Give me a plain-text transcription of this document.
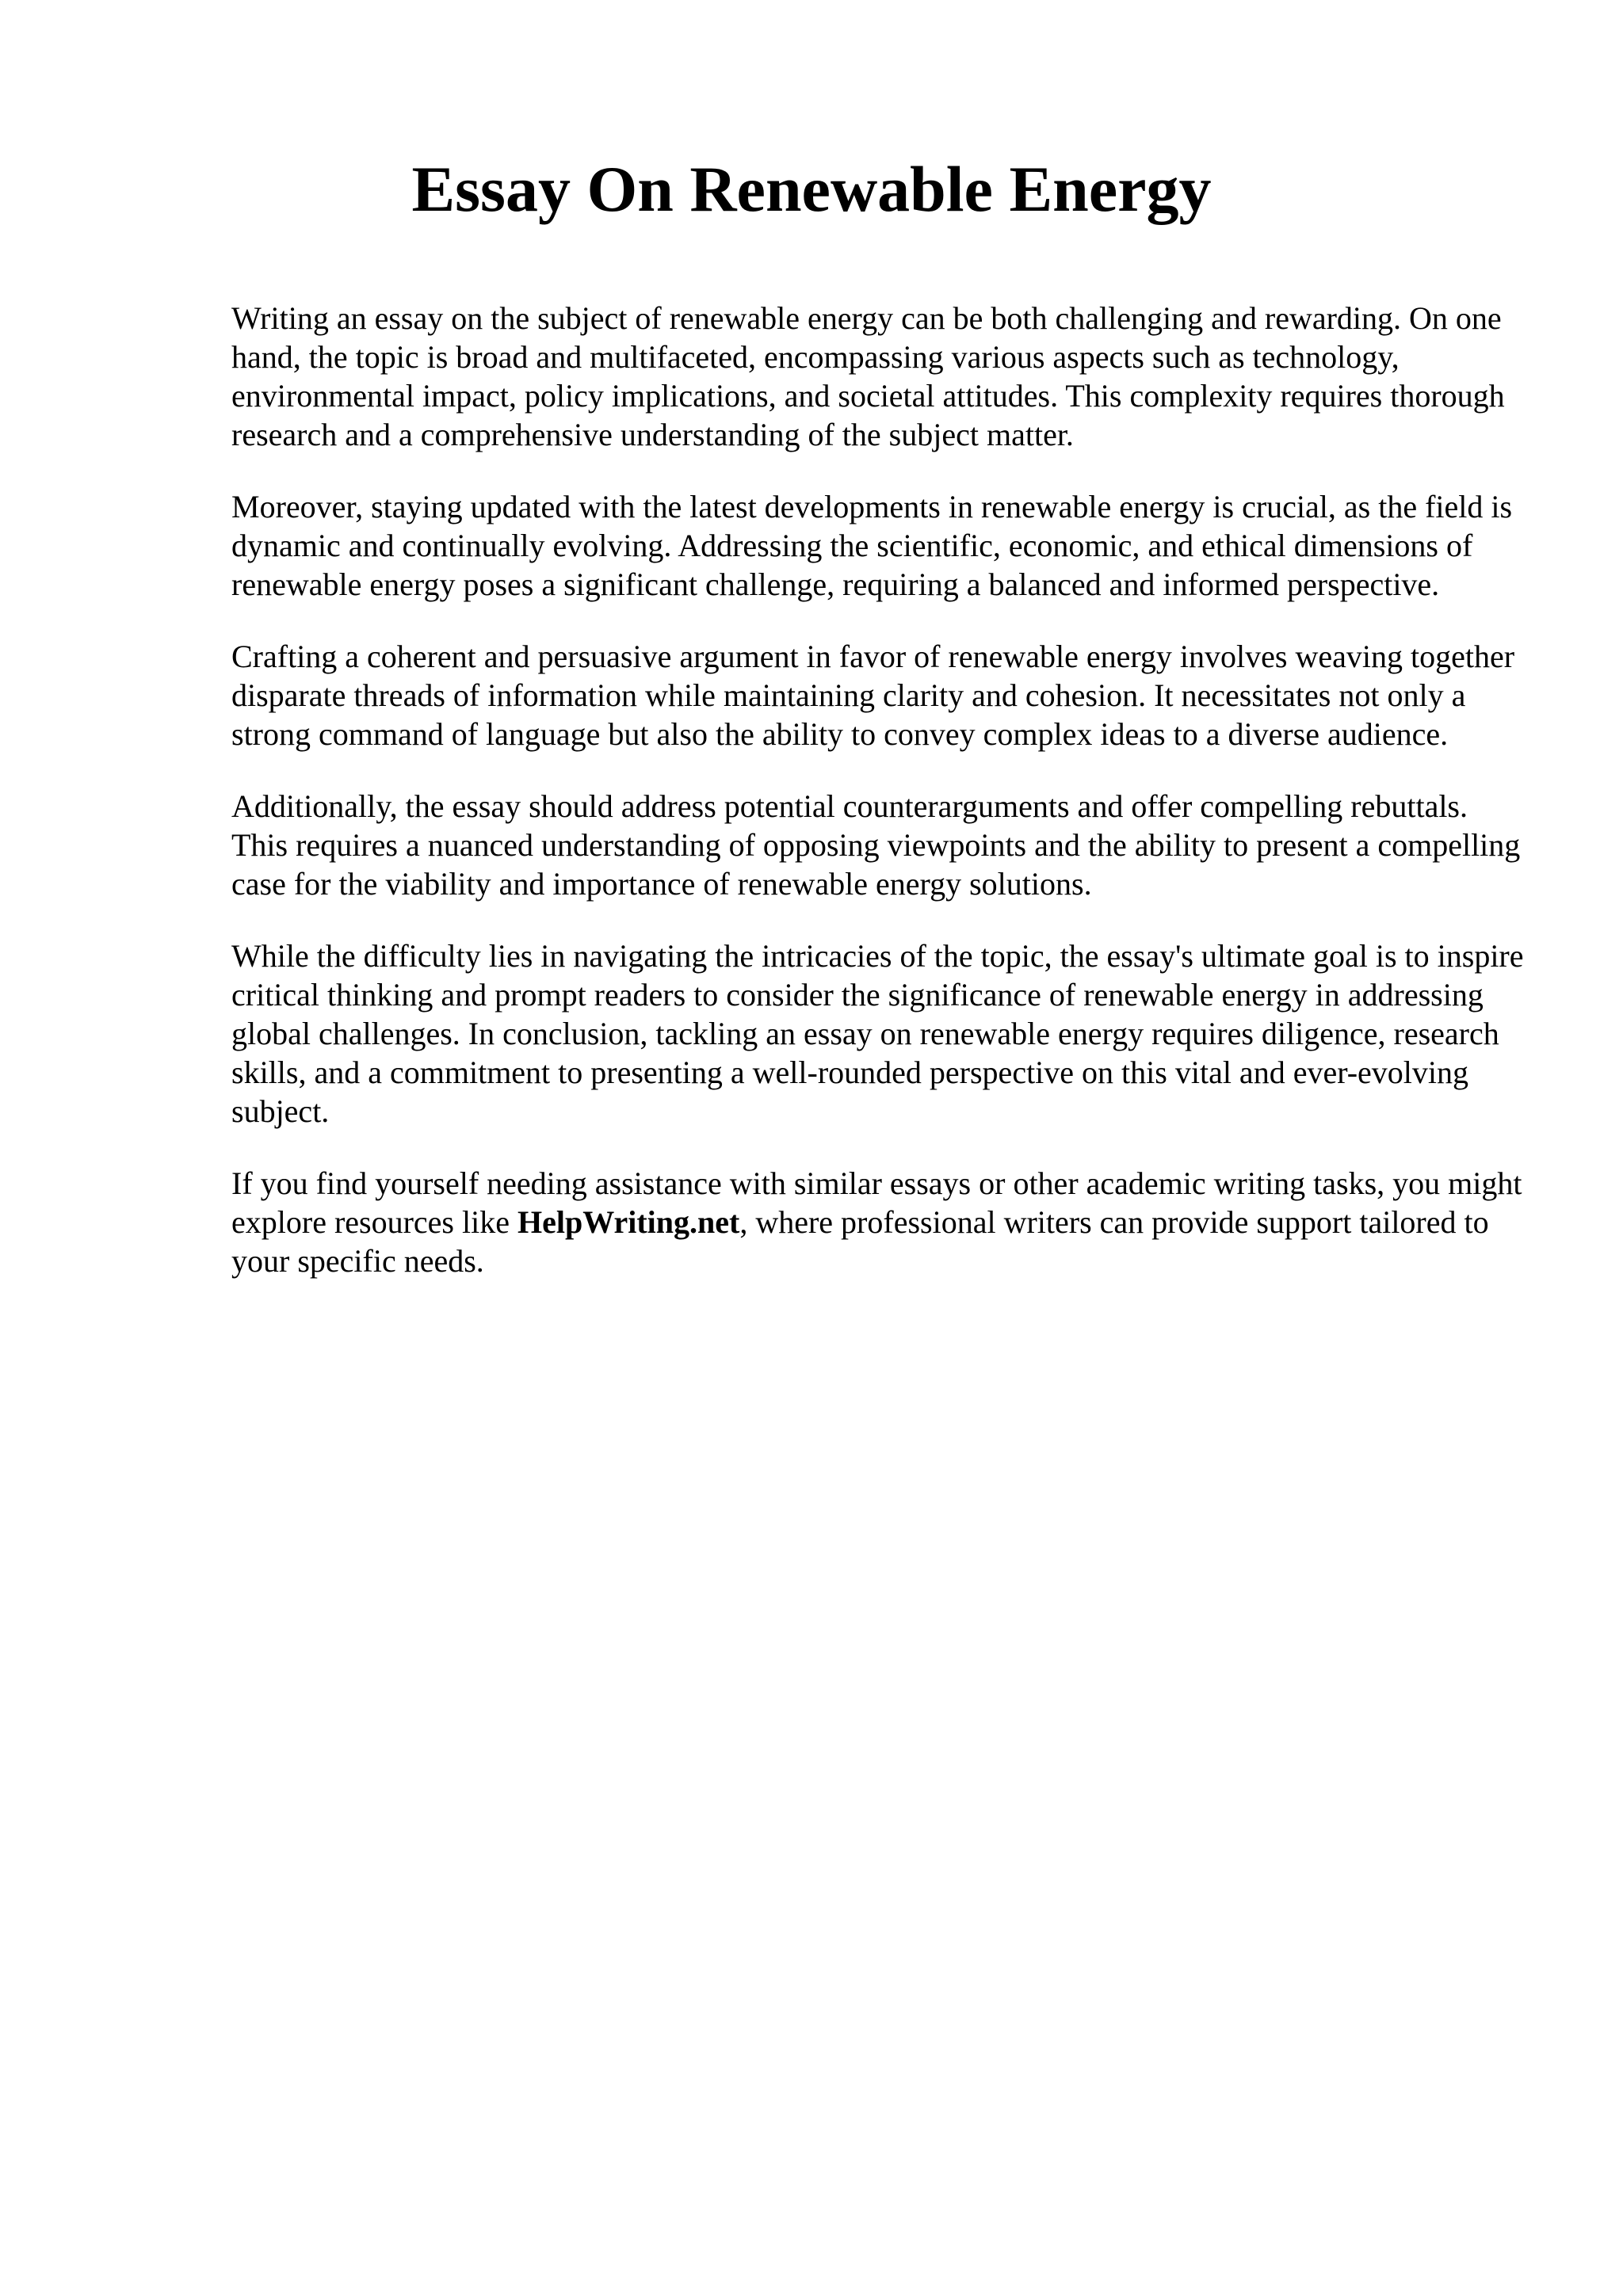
Essay On Renewable Energy

Writing an essay on the subject of renewable energy can be both challenging and rewarding. On one hand, the topic is broad and multifaceted, encompassing various aspects such as technology, environmental impact, policy implications, and societal attitudes. This complexity requires thorough research and a comprehensive understanding of the subject matter.

Moreover, staying updated with the latest developments in renewable energy is crucial, as the field is dynamic and continually evolving. Addressing the scientific, economic, and ethical dimensions of renewable energy poses a significant challenge, requiring a balanced and informed perspective.

Crafting a coherent and persuasive argument in favor of renewable energy involves weaving together disparate threads of information while maintaining clarity and cohesion. It necessitates not only a strong command of language but also the ability to convey complex ideas to a diverse audience.

Additionally, the essay should address potential counterarguments and offer compelling rebuttals. This requires a nuanced understanding of opposing viewpoints and the ability to present a compelling case for the viability and importance of renewable energy solutions.

While the difficulty lies in navigating the intricacies of the topic, the essay's ultimate goal is to inspire critical thinking and prompt readers to consider the significance of renewable energy in addressing global challenges. In conclusion, tackling an essay on renewable energy requires diligence, research skills, and a commitment to presenting a well-rounded perspective on this vital and ever-evolving subject.

If you find yourself needing assistance with similar essays or other academic writing tasks, you might explore resources like HelpWriting.net, where professional writers can provide support tailored to your specific needs.
